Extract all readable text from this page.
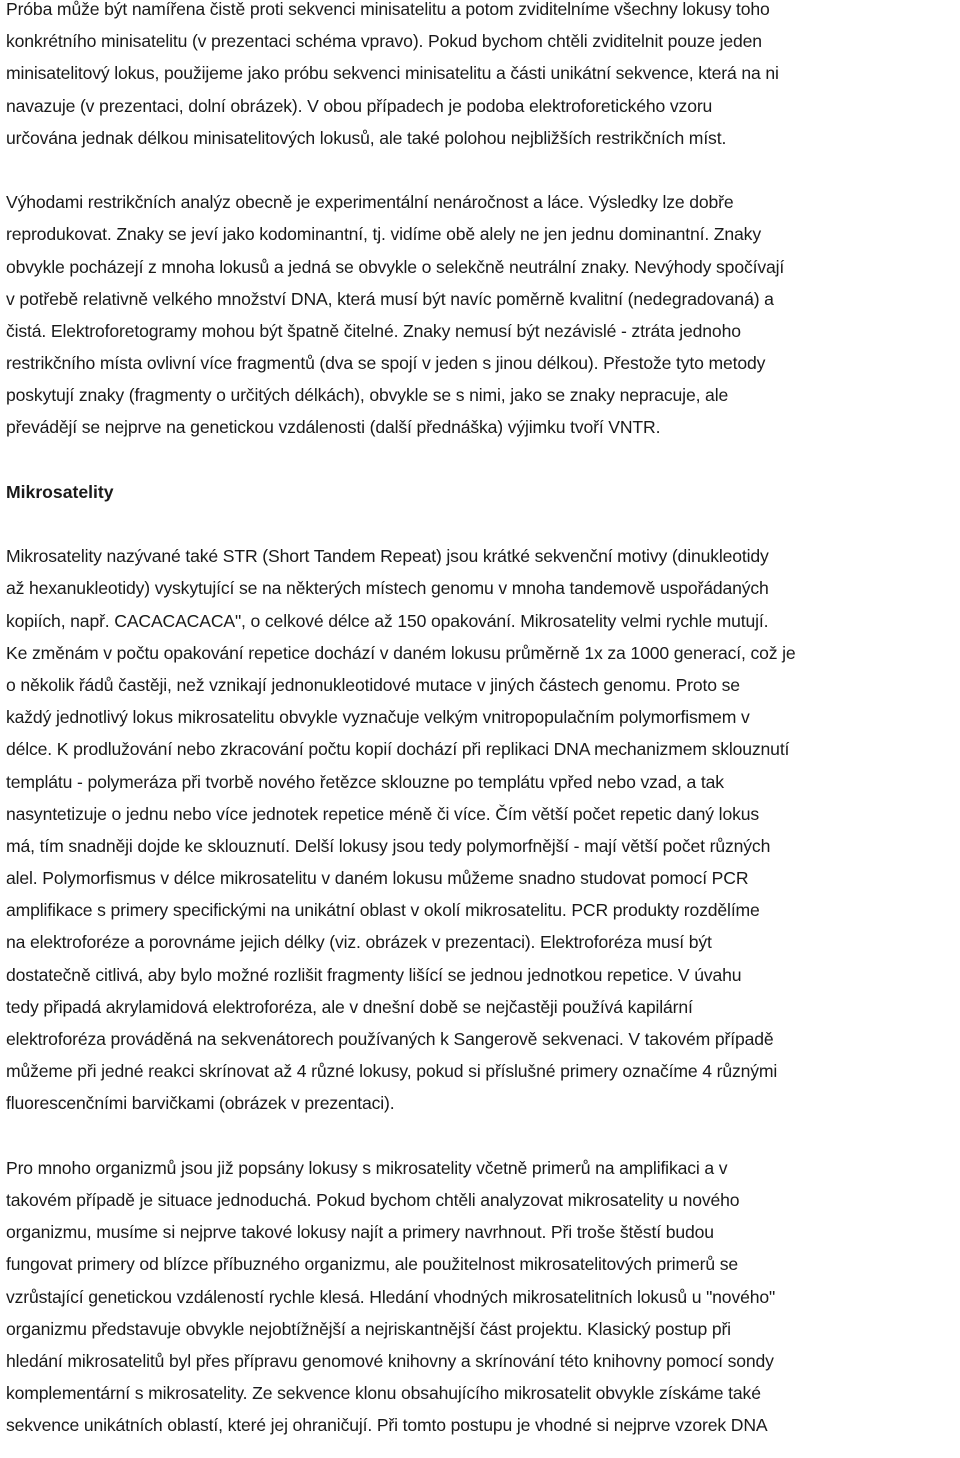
Próba může být namířena čistě proti sekvenci minisatelitu a potom zviditelníme všechny lokusy toho
konkrétního minisatelitu (v prezentaci schéma vpravo). Pokud bychom chtěli zviditelnit pouze jeden
minisatelitový lokus, použijeme jako próbu sekvenci minisatelitu a části unikátní sekvence, která na ni
navazuje (v prezentaci, dolní obrázek). V obou případech je podoba elektroforetického vzoru
určována jednak délkou minisatelitových lokusů, ale také polohou nejbližších restrikčních míst.
Výhodami restrikčních analýz obecně je experimentální nenáročnost a láce. Výsledky lze dobře
reprodukovat. Znaky se jeví jako kodominantní, tj. vidíme obě alely ne jen jednu dominantní. Znaky
obvykle pocházejí z mnoha lokusů a jedná se obvykle o selekčně neutrální znaky. Nevýhody spočívají
v potřebě relativně velkého množství DNA, která musí být navíc poměrně kvalitní (nedegradovaná) a
čistá. Elektroforetogramy mohou být špatně čitelné. Znaky nemusí být nezávislé - ztráta jednoho
restrikčního místa ovlivní více fragmentů (dva se spojí v jeden s jinou délkou). Přestože tyto metody
poskytují znaky (fragmenty o určitých délkách), obvykle se s nimi, jako se znaky nepracuje, ale
převádějí se nejprve na genetickou vzdálenosti (další přednáška) výjimku tvoří VNTR.
Mikrosatelity
Mikrosatelity nazývané také STR (Short Tandem Repeat) jsou krátké sekvenční motivy (dinukleotidy
až hexanukleotidy) vyskytující se na některých místech genomu v mnoha tandemově uspořádaných
kopiích, např. CACACACACA", o celkové délce až 150 opakování. Mikrosatelity velmi rychle mutují.
Ke změnám v počtu opakování repetice dochází v daném lokusu průměrně 1x za 1000 generací, což je
o několik řádů častěji, než vznikají jednonukleotidové mutace v jiných částech genomu. Proto se
každý jednotlivý lokus mikrosatelitu obvykle vyznačuje velkým vnitropopulačním polymorfismem v
délce. K prodlužování nebo zkracování počtu kopií dochází při replikaci DNA mechanizmem sklouznutí
templátu - polymeráza při tvorbě nového řetězce sklouzne po templátu vpřed nebo vzad, a tak
nasyntetizuje o jednu nebo více jednotek repetice méně či více. Čím větší počet repetic daný lokus
má, tím snadněji dojde ke sklouznutí. Delší lokusy jsou tedy polymorfnější - mají větší počet různých
alel. Polymorfismus v délce mikrosatelitu v daném lokusu můžeme snadno studovat pomocí PCR
amplifikace s primery specifickými na unikátní oblast v okolí mikrosatelitu. PCR produkty rozdělíme
na elektroforéze a porovnáme jejich délky (viz. obrázek v prezentaci). Elektroforéza musí být
dostatečně citlivá, aby bylo možné rozlišit fragmenty lišící se jednou jednotkou repetice. V úvahu
tedy připadá akrylamidová elektroforéza, ale v dnešní době se nejčastěji používá kapilární
elektroforéza prováděná na sekvenátorech používaných k Sangerově sekvenaci. V takovém případě
můžeme při jedné reakci skrínovat až 4 různé lokusy, pokud si příslušné primery označíme 4 různými
fluorescenčními barvičkami (obrázek v prezentaci).
Pro mnoho organizmů jsou již popsány lokusy s mikrosatelity včetně primerů na amplifikaci a v
takovém případě je situace jednoduchá. Pokud bychom chtěli analyzovat mikrosatelity u nového
organizmu, musíme si nejprve takové lokusy najít a primery navrhnout. Při troše štěstí budou
fungovat primery od blízce příbuzného organizmu, ale použitelnost mikrosatelitových primerů se
vzrůstající genetickou vzdáleností rychle klesá. Hledání vhodných mikrosatelitních lokusů u "nového"
organizmu představuje obvykle nejobtížnější a nejriskantnější část projektu. Klasický postup při
hledání mikrosatelitů byl přes přípravu genomové knihovny a skrínování této knihovny pomocí sondy
komplementární s mikrosatelity. Ze sekvence klonu obsahujícího mikrosatelit obvykle získáme také
sekvence unikátních oblastí, které jej ohraničují. Při tomto postupu je vhodné si nejprve vzorek DNA
